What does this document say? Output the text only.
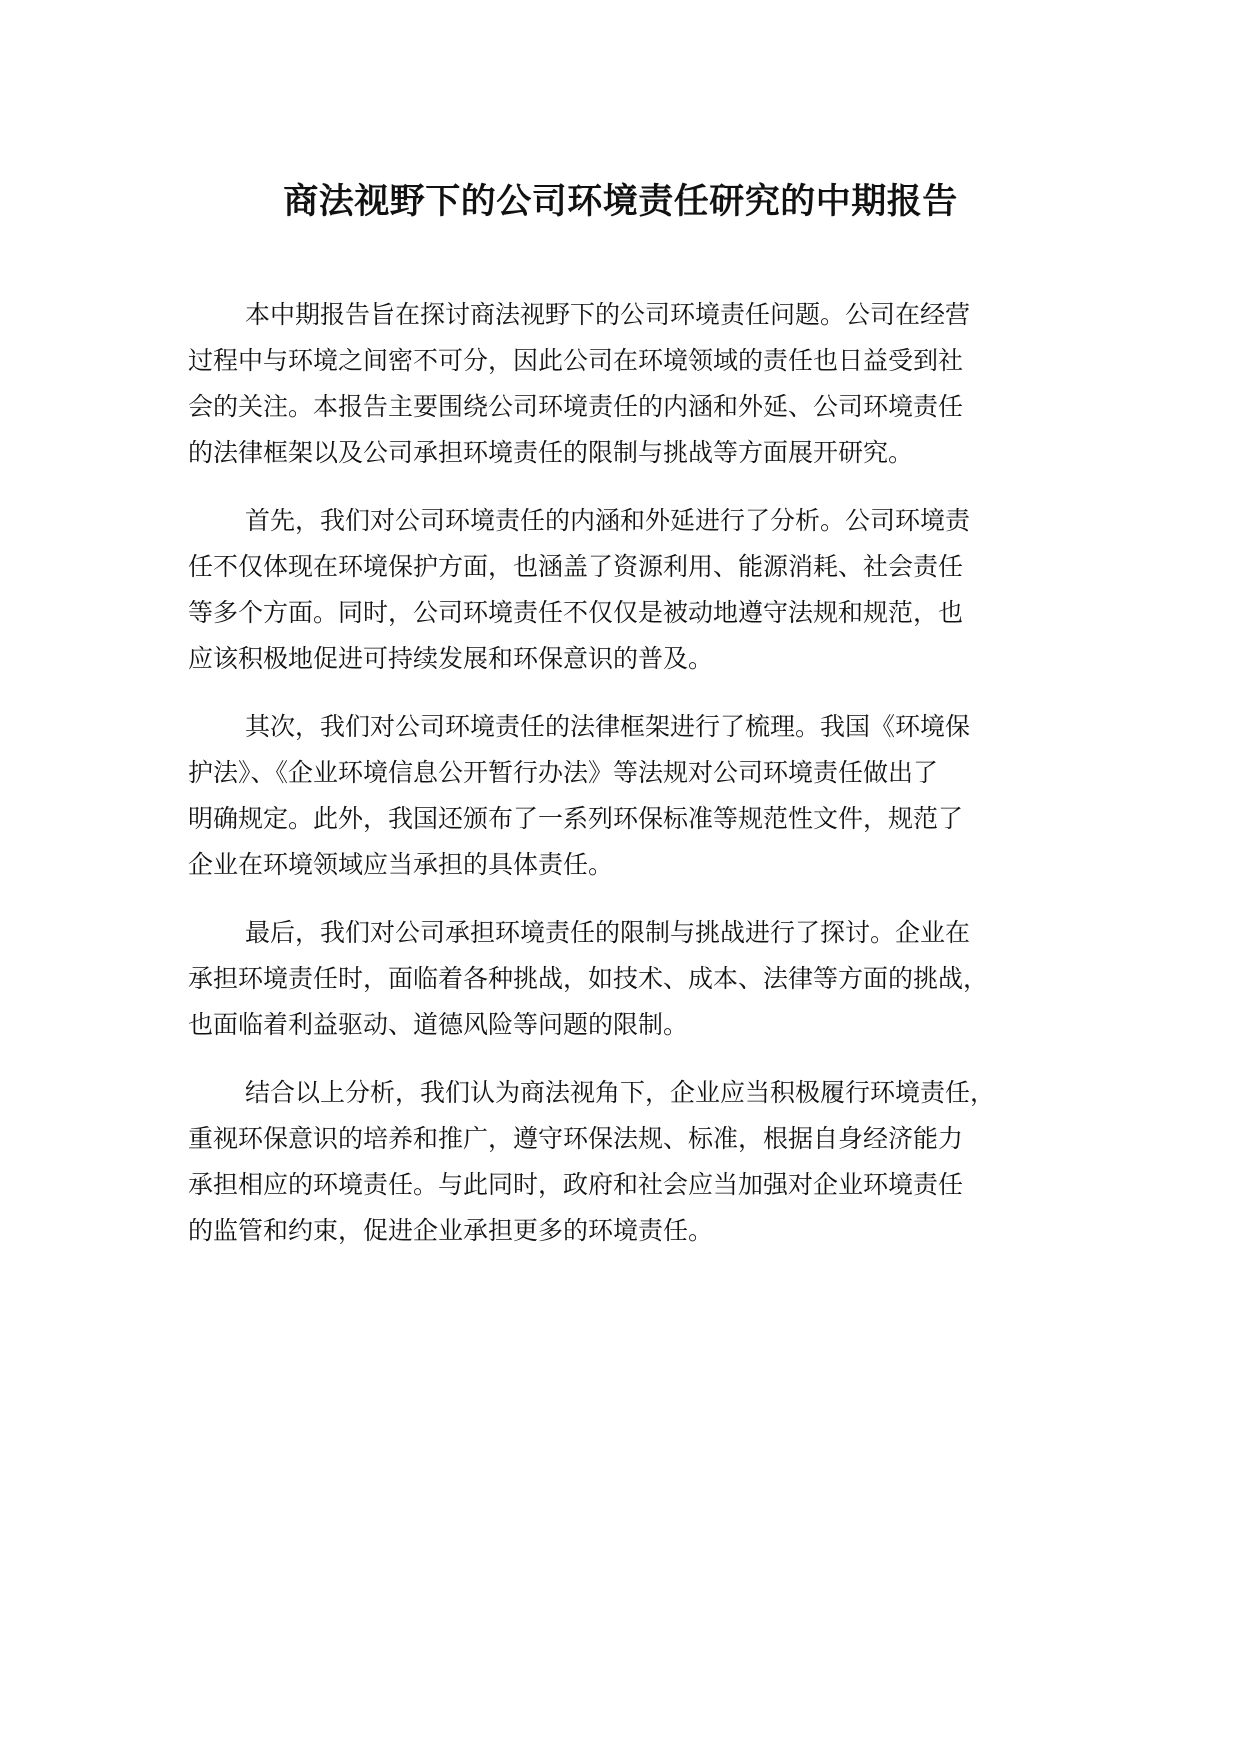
商法视野下的公司环境责任研究的中期报告

本中期报告旨在探讨商法视野下的公司环境责任问题。公司在经营
过程中与环境之间密不可分，因此公司在环境领域的责任也日益受到社
会的关注。本报告主要围绕公司环境责任的内涵和外延、公司环境责任
的法律框架以及公司承担环境责任的限制与挑战等方面展开研究。

首先，我们对公司环境责任的内涵和外延进行了分析。公司环境责
任不仅体现在环境保护方面，也涵盖了资源利用、能源消耗、社会责任
等多个方面。同时，公司环境责任不仅仅是被动地遵守法规和规范，也
应该积极地促进可持续发展和环保意识的普及。

其次，我们对公司环境责任的法律框架进行了梳理。我国《环境保
护法》、《企业环境信息公开暂行办法》等法规对公司环境责任做出了
明确规定。此外，我国还颁布了一系列环保标准等规范性文件，规范了
企业在环境领域应当承担的具体责任。

最后，我们对公司承担环境责任的限制与挑战进行了探讨。企业在
承担环境责任时，面临着各种挑战，如技术、成本、法律等方面的挑战，
也面临着利益驱动、道德风险等问题的限制。

结合以上分析，我们认为商法视角下，企业应当积极履行环境责任，
重视环保意识的培养和推广，遵守环保法规、标准，根据自身经济能力
承担相应的环境责任。与此同时，政府和社会应当加强对企业环境责任
的监管和约束，促进企业承担更多的环境责任。
